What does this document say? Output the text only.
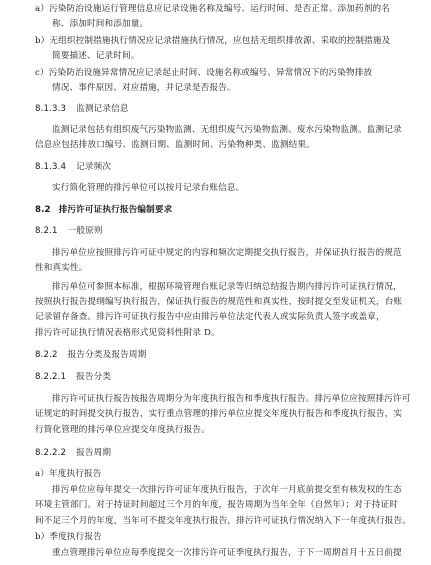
a）污染防治设施运行管理信息应记录设施名称及编号、运行时间、是否正常、添加药剂的名
称、添加时间和添加量。
b）无组织控制措施执行情况应记录措施执行情况，应包括无组织排放源、采取的控制措施及
简要描述、记录时间。
c）污染防治设施异常情况应记录起止时间、设施名称或编号、异常情况下的污染物排放
情况、事件原因、对应措施，并记录是否报告。
8.1.3.3 监测记录信息
监测记录包括有组织废气污染物监测、无组织废气污染物监测、废水污染物监测。监测记录
信息应包括排放口编号、监测日期、监测时间、污染物种类、监测结果。
8.1.3.4 记录频次
实行简化管理的排污单位可以按月记录台账信息。
8.2 排污许可证执行报告编制要求
8.2.1 一般原则
排污单位应按照排污许可证中规定的内容和频次定期提交执行报告，并保证执行报告的规范
性和真实性。
排污单位可参照本标准，根据环境管理台账记录等归纳总结报告期内排污许可证执行情况，
按照执行报告提纲编写执行报告，保证执行报告的规范性和真实性，按时提交至发证机关，台账
记录留存备查。排污许可证执行报告中应由排污单位法定代表人或实际负责人签字或盖章，
排污许可证执行情况表格形式见资料性附录 D。
8.2.2 报告分类及报告周期
8.2.2.1 报告分类
排污许可证执行报告按报告周期分为年度执行报告和季度执行报告。排污单位应按照排污许可
证规定的时间提交执行报告，实行重点管理的排污单位应提交年度执行报告和季度执行报告，实
行简化管理的排污单位应提交年度执行报告。
8.2.2.2 报告周期
a）年度执行报告
排污单位应每年提交一次排污许可证年度执行报告，于次年一月底前提交至有核发权的生态
环境主管部门。对于持证时间超过三个月的年度，报告周期为当年全年（自然年）；对于持证时
间不足三个月的年度，当年可不提交年度执行报告，排污许可证执行情况纳入下一年度执行报告。
b）季度执行报告
重点管理排污单位应每季度提交一次排污许可证季度执行报告，于下一周期首月十五日前提
